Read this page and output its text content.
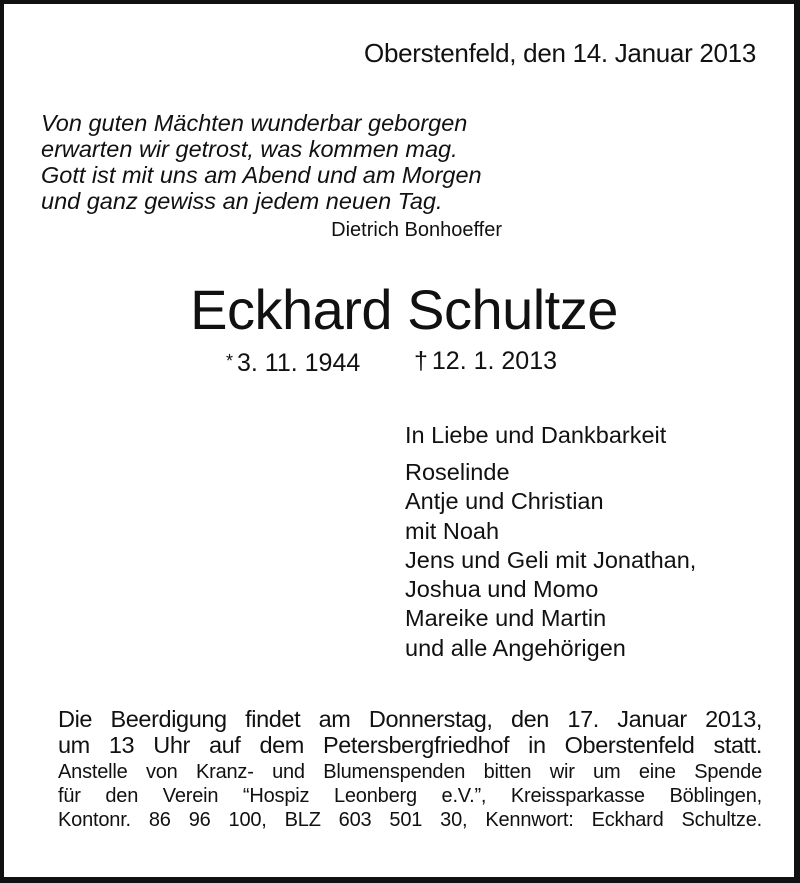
Oberstenfeld, den 14. Januar 2013
Von guten Mächten wunderbar geborgen
erwarten wir getrost, was kommen mag.
Gott ist mit uns am Abend und am Morgen
und ganz gewiss an jedem neuen Tag.
Dietrich Bonhoeffer
Eckhard Schultze
* 3. 11. 1944 † 12. 1. 2013
In Liebe und Dankbarkeit
Roselinde
Antje und Christian
mit Noah
Jens und Geli mit Jonathan,
Joshua und Momo
Mareike und Martin
und alle Angehörigen
Die Beerdigung findet am Donnerstag, den 17. Januar 2013,
um 13 Uhr auf dem Petersbergfriedhof in Oberstenfeld statt.
Anstelle von Kranz- und Blumenspenden bitten wir um eine Spende
für den Verein “Hospiz Leonberg e.V.”, Kreissparkasse Böblingen,
Kontonr. 86 96 100, BLZ 603 501 30, Kennwort: Eckhard Schultze.
